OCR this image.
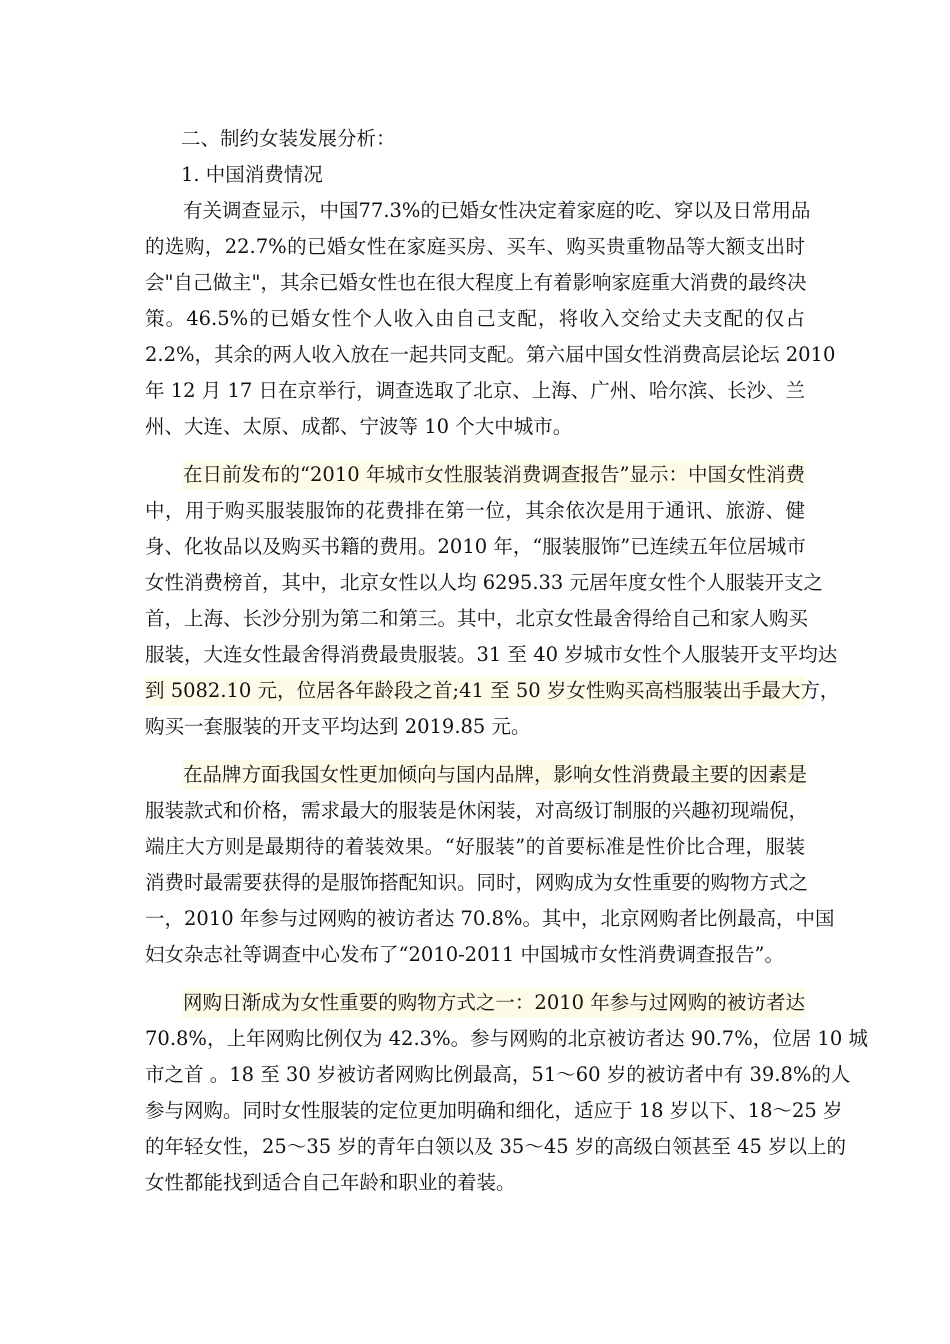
二、制约女装发展分析：
1. 中国消费情况
有关调查显示，中国77.3%的已婚女性决定着家庭的吃、穿以及日常用品
的选购，22.7%的已婚女性在家庭买房、买车、购买贵重物品等大额支出时
会"自己做主"，其余已婚女性也在很大程度上有着影响家庭重大消费的最终决
策。46.5%的已婚女性个人收入由自己支配，将收入交给丈夫支配的仅占
2.2%，其余的两人收入放在一起共同支配。第六届中国女性消费高层论坛 2010
年 12 月 17 日在京举行，调查选取了北京、上海、广州、哈尔滨、长沙、兰
州、大连、太原、成都、宁波等 10 个大中城市。
在日前发布的“2010 年城市女性服装消费调查报告”显示：中国女性消费
中，用于购买服装服饰的花费排在第一位，其余依次是用于通讯、旅游、健
身、化妆品以及购买书籍的费用。2010 年，“服装服饰”已连续五年位居城市
女性消费榜首，其中，北京女性以人均 6295.33 元居年度女性个人服装开支之
首，上海、长沙分别为第二和第三。其中，北京女性最舍得给自己和家人购买
服装，大连女性最舍得消费最贵服装。31 至 40 岁城市女性个人服装开支平均达
到 5082.10 元，位居各年龄段之首;41 至 50 岁女性购买高档服装出手最大方，
购买一套服装的开支平均达到 2019.85 元。
在品牌方面我国女性更加倾向与国内品牌，影响女性消费最主要的因素是
服装款式和价格，需求最大的服装是休闲装，对高级订制服的兴趣初现端倪，
端庄大方则是最期待的着装效果。“好服装”的首要标准是性价比合理，服装
消费时最需要获得的是服饰搭配知识。同时，网购成为女性重要的购物方式之
一，2010 年参与过网购的被访者达 70.8%。其中，北京网购者比例最高，中国
妇女杂志社等调查中心发布了“2010-2011 中国城市女性消费调查报告”。
网购日渐成为女性重要的购物方式之一：2010 年参与过网购的被访者达
70.8%，上年网购比例仅为 42.3%。参与网购的北京被访者达 90.7%，位居 10 城
市之首 。18 至 30 岁被访者网购比例最高，51～60 岁的被访者中有 39.8%的人
参与网购。同时女性服装的定位更加明确和细化，适应于 18 岁以下、18～25 岁
的年轻女性，25～35 岁的青年白领以及 35～45 岁的高级白领甚至 45 岁以上的
女性都能找到适合自己年龄和职业的着装。
